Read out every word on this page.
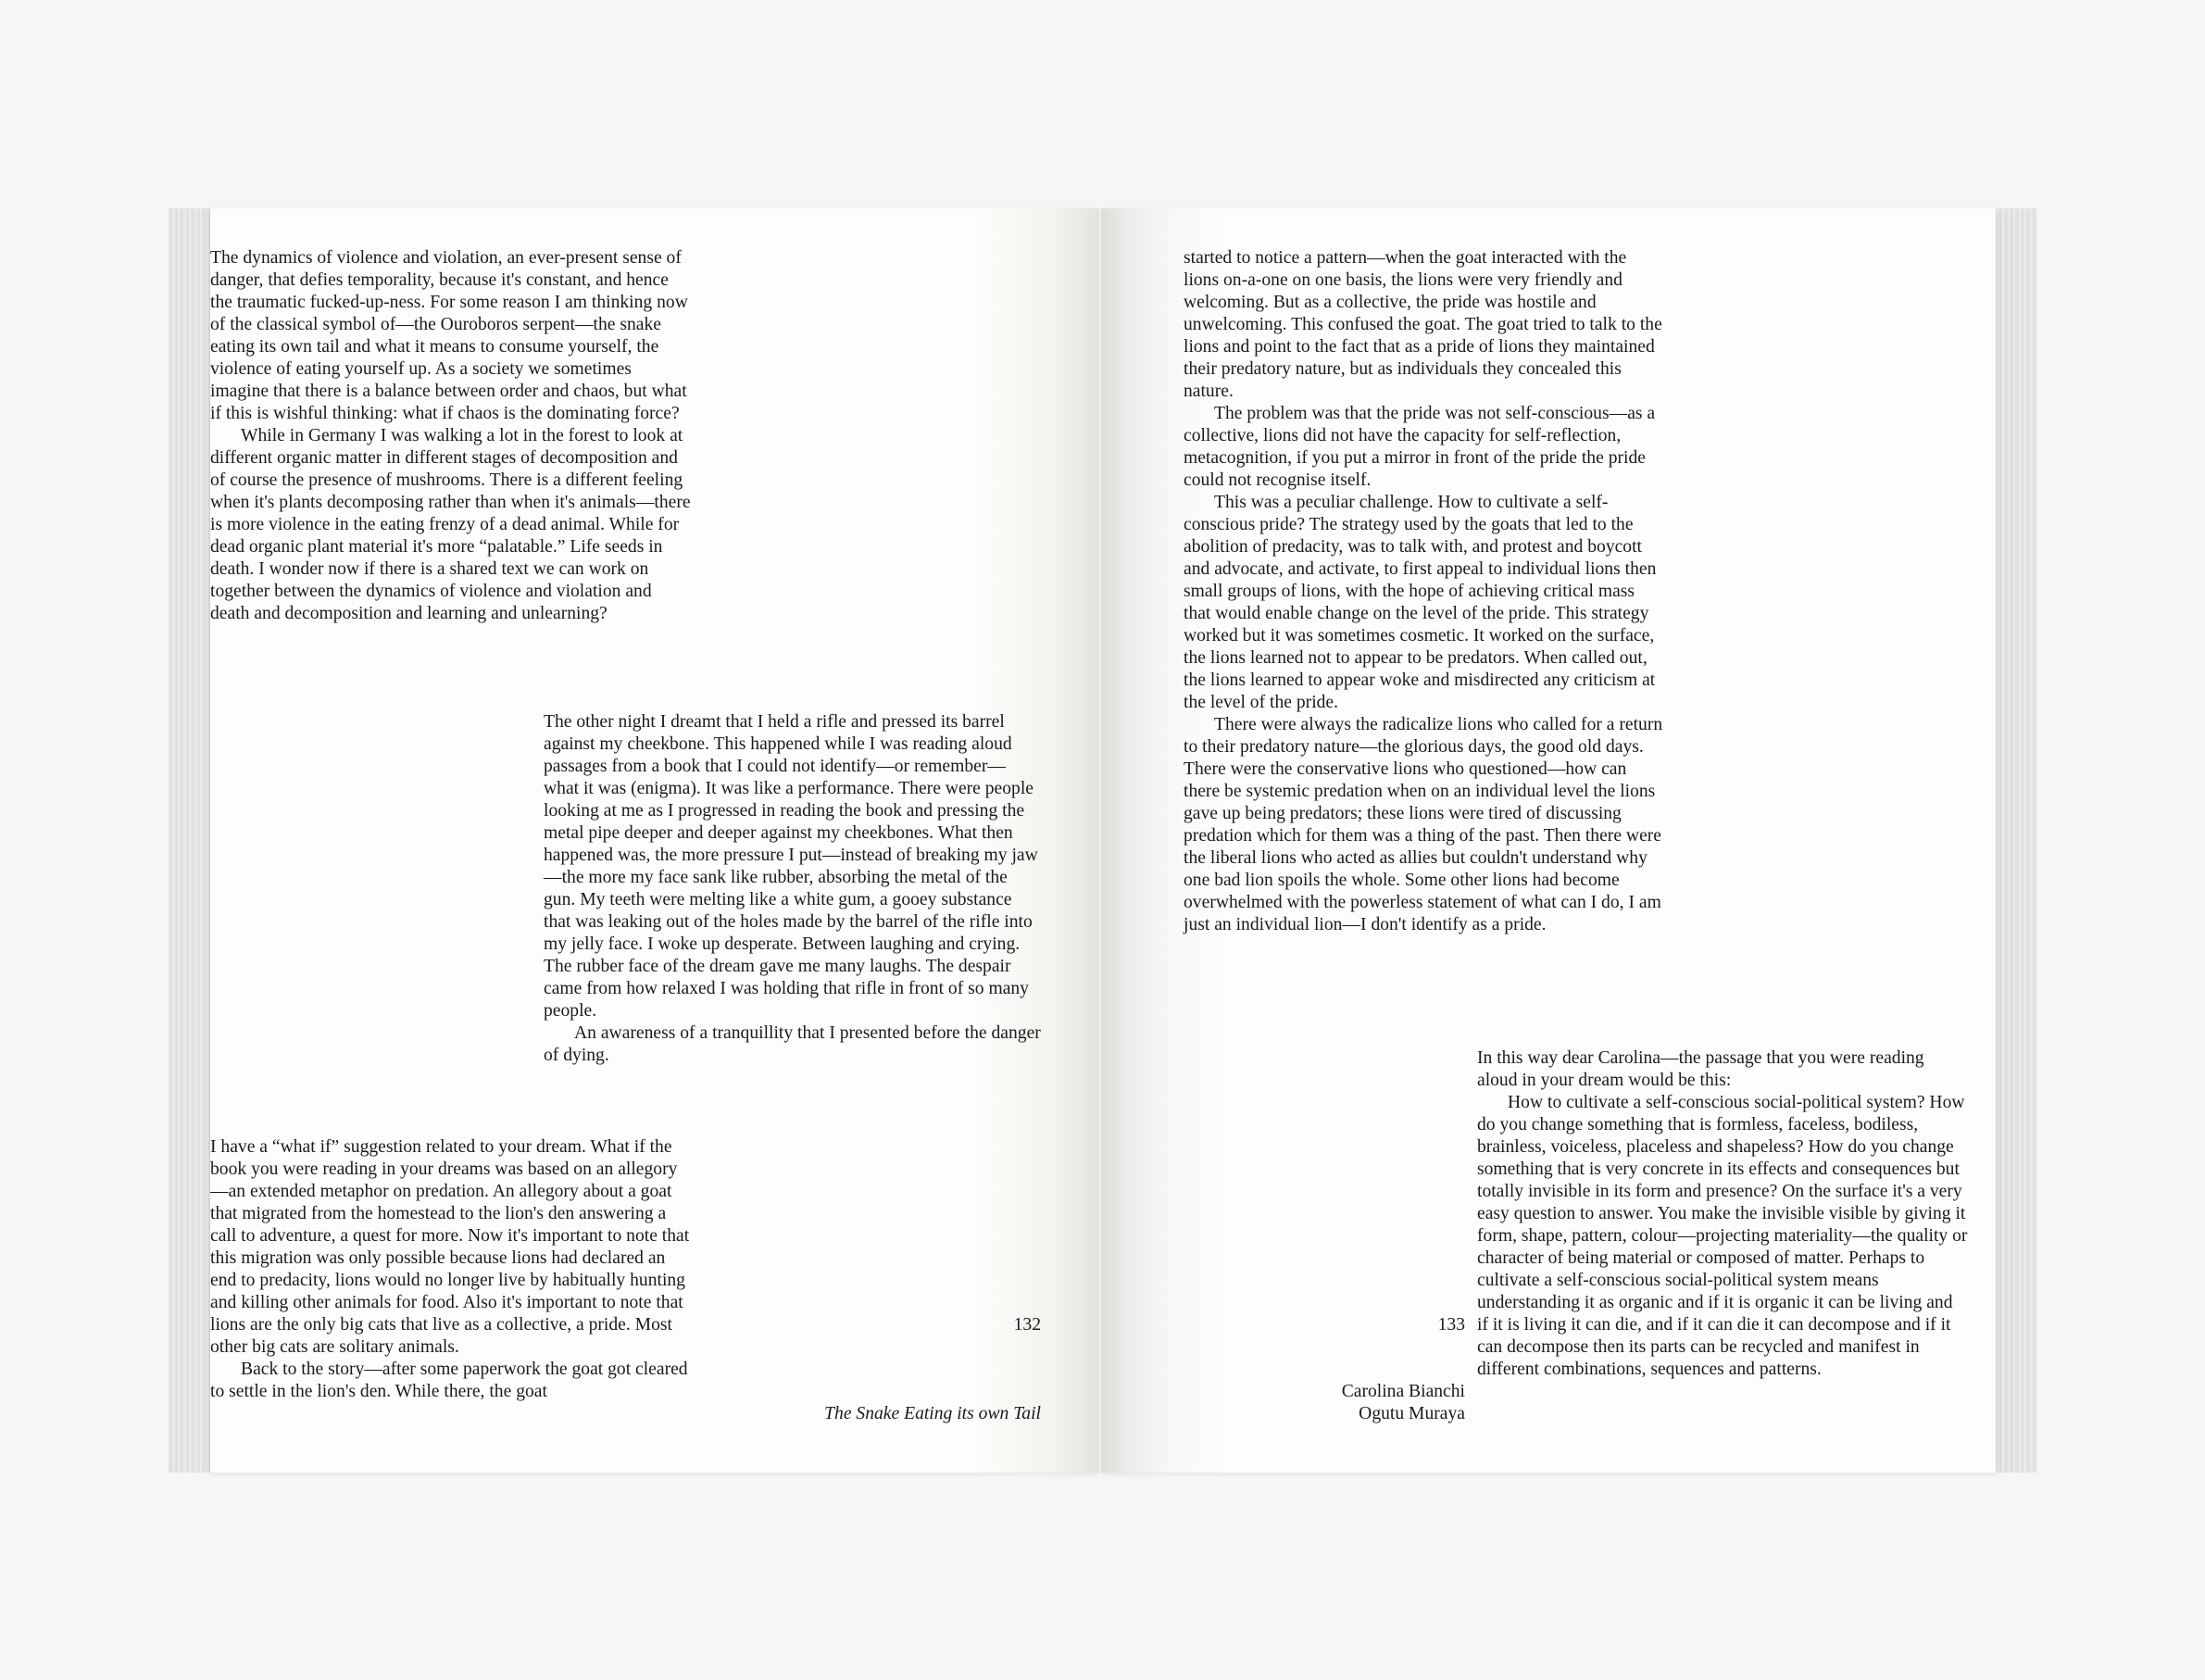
The dynamics of violence and violation, an ever-present sense of danger, that defies temporality, because it's constant, and hence the traumatic fucked-up-ness. For some reason I am thinking now of the classical symbol of—the Ouroboros serpent—the snake eating its own tail and what it means to consume yourself, the violence of eating yourself up. As a society we sometimes imagine that there is a balance between order and chaos, but what if this is wishful thinking: what if chaos is the dominating force?

While in Germany I was walking a lot in the forest to look at different organic matter in different stages of decomposition and of course the presence of mushrooms. There is a different feeling when it's plants decomposing rather than when it's animals—there is more violence in the eating frenzy of a dead animal. While for dead organic plant material it's more “palatable.” Life seeds in death. I wonder now if there is a shared text we can work on together between the dynamics of violence and violation and death and decomposition and learning and unlearning?

The other night I dreamt that I held a rifle and pressed its barrel against my cheekbone. This happened while I was reading aloud passages from a book that I could not identify—or remember—what it was (enigma). It was like a performance. There were people looking at me as I progressed in reading the book and pressing the metal pipe deeper and deeper against my cheekbones. What then happened was, the more pressure I put—instead of breaking my jaw—the more my face sank like rubber, absorbing the metal of the gun. My teeth were melting like a white gum, a gooey substance that was leaking out of the holes made by the barrel of the rifle into my jelly face. I woke up desperate. Between laughing and crying. The rubber face of the dream gave me many laughs. The despair came from how relaxed I was holding that rifle in front of so many people.

An awareness of a tranquillity that I presented before the danger of dying.

I have a “what if” suggestion related to your dream. What if the book you were reading in your dreams was based on an allegory—an extended metaphor on predation. An allegory about a goat that migrated from the homestead to the lion's den answering a call to adventure, a quest for more. Now it's important to note that this migration was only possible because lions had declared an end to predacity, lions would no longer live by habitually hunting and killing other animals for food. Also it's important to note that lions are the only big cats that live as a collective, a pride. Most other big cats are solitary animals.

Back to the story—after some paperwork the goat got cleared to settle in the lion's den. While there, the goat

132
The Snake Eating its own Tail

started to notice a pattern—when the goat interacted with the lions on-a-one on one basis, the lions were very friendly and welcoming. But as a collective, the pride was hostile and unwelcoming. This confused the goat. The goat tried to talk to the lions and point to the fact that as a pride of lions they maintained their predatory nature, but as individuals they concealed this nature.

The problem was that the pride was not self-conscious—as a collective, lions did not have the capacity for self-reflection, metacognition, if you put a mirror in front of the pride the pride could not recognise itself.

This was a peculiar challenge. How to cultivate a self-conscious pride? The strategy used by the goats that led to the abolition of predacity, was to talk with, and protest and boycott and advocate, and activate, to first appeal to individual lions then small groups of lions, with the hope of achieving critical mass that would enable change on the level of the pride. This strategy worked but it was sometimes cosmetic. It worked on the surface, the lions learned not to appear to be predators. When called out, the lions learned to appear woke and misdirected any criticism at the level of the pride.

There were always the radicalize lions who called for a return to their predatory nature—the glorious days, the good old days. There were the conservative lions who questioned—how can there be systemic predation when on an individual level the lions gave up being predators; these lions were tired of discussing predation which for them was a thing of the past. Then there were the liberal lions who acted as allies but couldn't understand why one bad lion spoils the whole. Some other lions had become overwhelmed with the powerless statement of what can I do, I am just an individual lion—I don't identify as a pride.

In this way dear Carolina—the passage that you were reading aloud in your dream would be this:

How to cultivate a self-conscious social-political system? How do you change something that is formless, faceless, bodiless, brainless, voiceless, placeless and shapeless? How do you change something that is very concrete in its effects and consequences but totally invisible in its form and presence? On the surface it's a very easy question to answer. You make the invisible visible by giving it form, shape, pattern, colour—projecting materiality—the quality or character of being material or composed of matter. Perhaps to cultivate a self-conscious social-political system means understanding it as organic and if it is organic it can be living and if it is living it can die, and if it can die it can decompose and if it can decompose then its parts can be recycled and manifest in different combinations, sequences and patterns.

133
Carolina Bianchi
Ogutu Muraya
